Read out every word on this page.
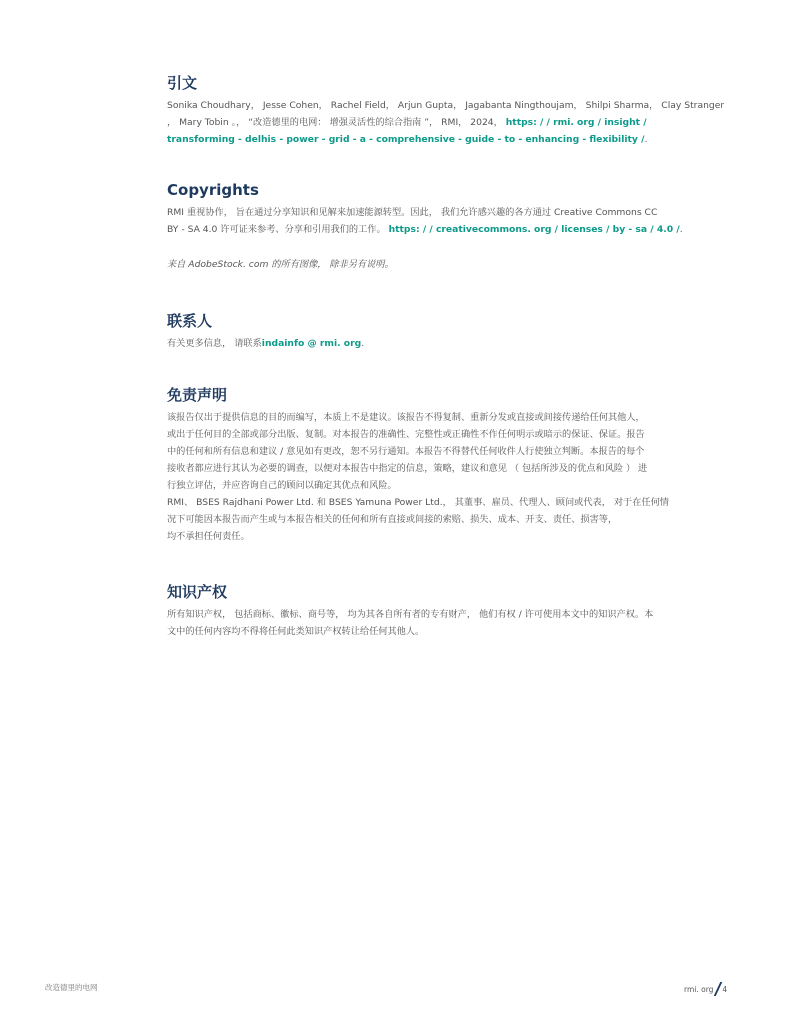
引文

Sonika Choudhary， Jesse Cohen， Rachel Field， Arjun Gupta， Jagabanta Ningthoujam， Shilpi Sharma， Clay Stranger
， Mary Tobin 。， “改造德里的电网： 增强灵活性的综合指南 ”， RMI， 2024， https: / / rmi. org / insight /
transforming - delhis - power - grid - a - comprehensive - guide - to - enhancing - flexibility /.

Copyrights

RMI 重视协作， 旨在通过分享知识和见解来加速能源转型。因此， 我们允许感兴趣的各方通过 Creative Commons CC
BY - SA 4.0 许可证来参考、分享和引用我们的工作。 https: / / creativecommons. org / licenses / by - sa / 4.0 /.

来自 AdobeStock. com 的所有图像， 除非另有说明。

联系人

有关更多信息， 请联系indainfo @ rmi. org.

免责声明

该报告仅出于提供信息的目的而编写，本质上不是建议。该报告不得复制、重新分发或直接或间接传递给任何其他人，
或出于任何目的全部或部分出版、复制。对本报告的准确性、完整性或正确性不作任何明示或暗示的保证、保证。报告
中的任何和所有信息和建议 / 意见如有更改，恕不另行通知。本报告不得替代任何收件人行使独立判断。本报告的每个
接收者都应进行其认为必要的调查，以便对本报告中指定的信息，策略，建议和意见 （ 包括所涉及的优点和风险 ） 进
行独立评估，并应咨询自己的顾问以确定其优点和风险。
RMI、 BSES Rajdhani Power Ltd. 和 BSES Yamuna Power Ltd.， 其董事、雇员、代理人、顾问或代表， 对于在任何情
况下可能因本报告而产生或与本报告相关的任何和所有直接或间接的索赔、损失、成本、开支、责任、损害等，
均不承担任何责任。

知识产权

所有知识产权， 包括商标、徽标、商号等， 均为其各自所有者的专有财产， 他们有权 / 许可使用本文中的知识产权。本
文中的任何内容均不得将任何此类知识产权转让给任何其他人。

改造德里的电网	rmi. org 4
